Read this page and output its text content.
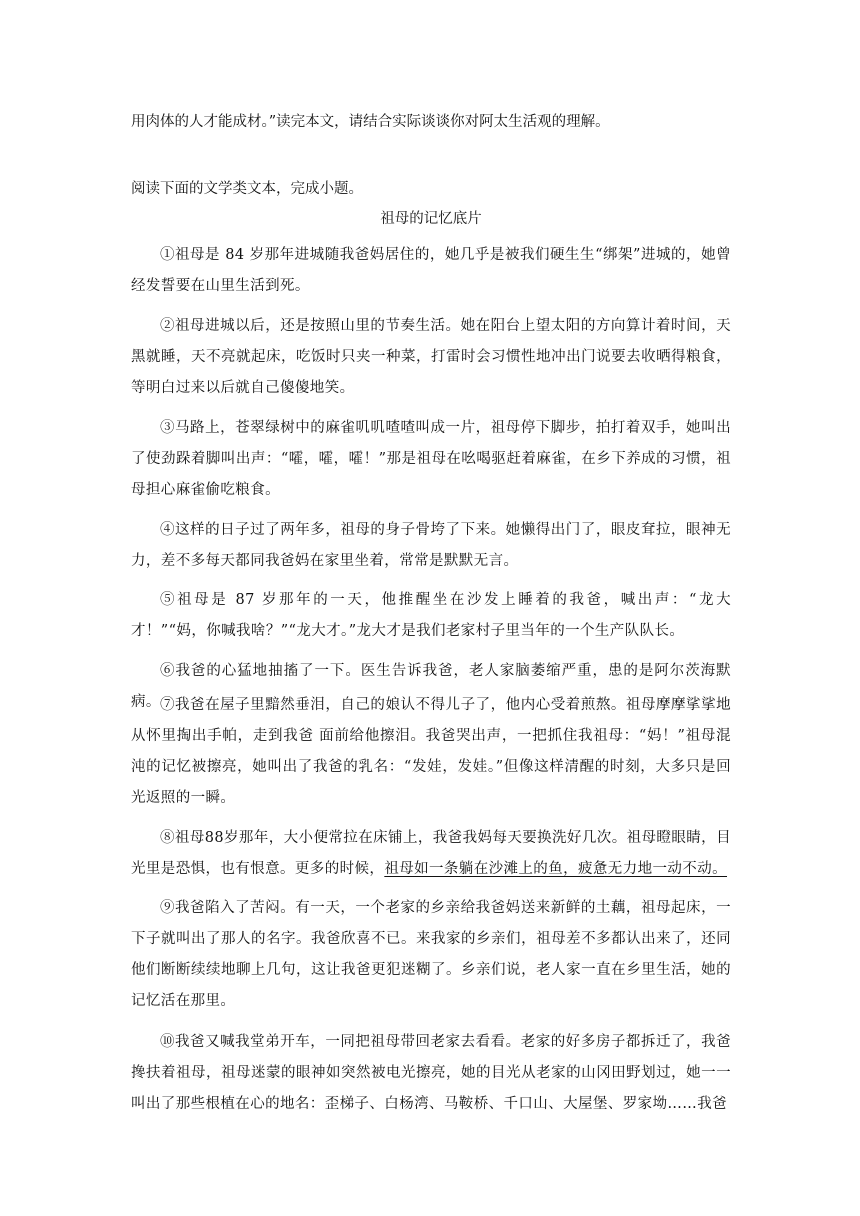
用肉体的人才能成材。”读完本文，请结合实际谈谈你对阿太生活观的理解。
阅读下面的文学类文本，完成小题。
祖母的记忆底片

①祖母是 84 岁那年进城随我爸妈居住的，她几乎是被我们硬生生“绑架”进城的，她曾经发誓要在山里生活到死。

②祖母进城以后，还是按照山里的节奏生活。她在阳台上望太阳的方向算计着时间，天黑就睡，天不亮就起床，吃饭时只夹一种菜，打雷时会习惯性地冲出门说要去收晒得粮食，等明白过来以后就自己傻傻地笑。

③马路上，苍翠绿树中的麻雀叽叽喳喳叫成一片，祖母停下脚步，拍打着双手，她叫出了使劲跺着脚叫出声：“嚯，嚯，嚯！”那是祖母在吆喝驱赶着麻雀，在乡下养成的习惯，祖母担心麻雀偷吃粮食。

④这样的日子过了两年多，祖母的身子骨垮了下来。她懒得出门了，眼皮耷拉，眼神无力，差不多每天都同我爸妈在家里坐着，常常是默默无言。

⑤祖母是 87 岁那年的一天，他推醒坐在沙发上睡着的我爸，喊出声：“龙大才！”“妈，你喊我啥？”“龙大才。”龙大才是我们老家村子里当年的一个生产队队长。

⑥我爸的心猛地抽搐了一下。医生告诉我爸，老人家脑萎缩严重，患的是阿尔茨海默病。 ⑦我爸在屋子里黯然垂泪，自己的娘认不得儿子了，他内心受着煎熬。祖母摩摩挲挲地从怀里掏出手帕，走到我爸 面前给他擦泪。我爸哭出声，一把抓住我祖母：“妈！”祖母混沌的记忆被擦亮，她叫出了我爸的乳名：“发娃，发娃。”但像这样清醒的时刻，大多只是回光返照的一瞬。

⑧祖母88岁那年，大小便常拉在床铺上，我爸我妈每天要换洗好几次。祖母瞪眼睛，目光里是恐惧，也有恨意。更多的时候，祖母如一条躺在沙滩上的鱼，疲惫无力地一动不动。

⑨我爸陷入了苦闷。有一天，一个老家的乡亲给我爸妈送来新鲜的土藕，祖母起床，一下子就叫出了那人的名字。我爸欣喜不已。来我家的乡亲们，祖母差不多都认出来了，还同他们断断续续地聊上几句，这让我爸更犯迷糊了。乡亲们说，老人家一直在乡里生活，她的记忆活在那里。

⑩我爸又喊我堂弟开车，一同把祖母带回老家去看看。老家的好多房子都拆迁了，我爸搀扶着祖母，祖母迷蒙的眼神如突然被电光擦亮，她的目光从老家的山冈田野划过，她一一叫出了那些根植在心的地名：歪梯子、白杨湾、马鞍桥、千口山、大屋堡、罗家坳……我爸
